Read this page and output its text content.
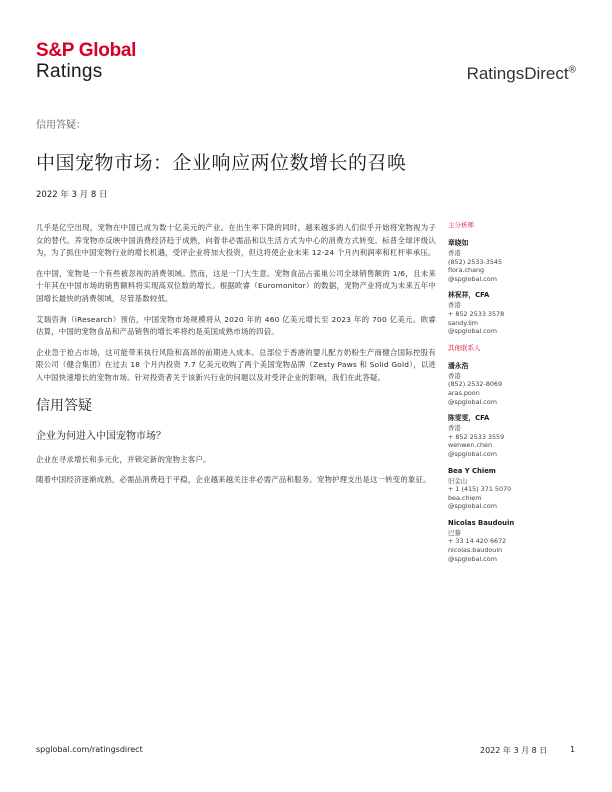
S&P Global
Ratings	RatingsDirect®
信用答疑：
中国宠物市场：企业响应两位数增长的召唤
2022 年 3 月 8 日

几乎是亿空出现，宠物在中国已成为数十亿美元的产业。在出生率下降的同时，越来越多的人们似乎开始将宠物视为子女的替代。养宠物亦反映中国消费经济趋于成熟，向着非必需品和以生活方式为中心的消费方式转变。标普全球评级认为，为了抓住中国宠物行业的增长机遇，受评企业将加大投资，但这将使企业未来 12-24 个月内利润率和杠杆率承压。

在中国，宠物是一个有些被忽视的消费领域。然而，这是一门大生意。宠物食品占雀巢公司全球销售额的 1/6，且未来十年其在中国市场的销售额料将实现高双位数的增长。根据欧睿（Euromonitor）的数据，宠物产业将成为未来五年中国增长最快的消费领域，尽管基数较低。

艾瑞咨询（iResearch）预估，中国宠物市场规模将从 2020 年的 460 亿美元增长至 2023 年的 700 亿美元。欧睿估算，中国的宠物食品和产品销售的增长率将约是美国成熟市场的四倍。

企业急于抢占市场，这可能带来执行风险和高昂的前期进入成本。总部位于香港的婴儿配方奶粉生产商健合国际控股有限公司（健合集团）在过去 18 个月内投资 7.7 亿美元收购了两个美国宠物品牌（Zesty Paws 和 Solid Gold），以进入中国快速增长的宠物市场。针对投资者关于该新兴行业的问题以及对受评企业的影响，我们在此答疑。

信用答疑
企业为何进入中国宠物市场？

企业在寻求增长和多元化，并锁定新的宠物主客户。

随着中国经济逐渐成熟，必需品消费趋于平稳，企业越来越关注非必需产品和服务。宠物护理支出是这一转变的象征。

主分析师
章晓如
香港
(852) 2533-3545
flora.chang
@spglobal.com
林祝祥，CFA
香港
+ 852 2533 3578
sandy.lim
@spglobal.com
其他联系人
潘永浩
香港
(852) 2532-8069
aras.poon
@spglobal.com
陈雯雯，CFA
香港
+ 852 2533 3559
wenwen.chen
@spglobal.com
Bea Y Chiem
旧金山
+ 1 (415) 371 5070
bea.chiem
@spglobal.com
Nicolas Baudouin
巴黎
+ 33 14 420 6672
nicolas.baudouin
@spglobal.com
spglobal.com/ratingsdirect	2022 年 3 月 8 日	1
